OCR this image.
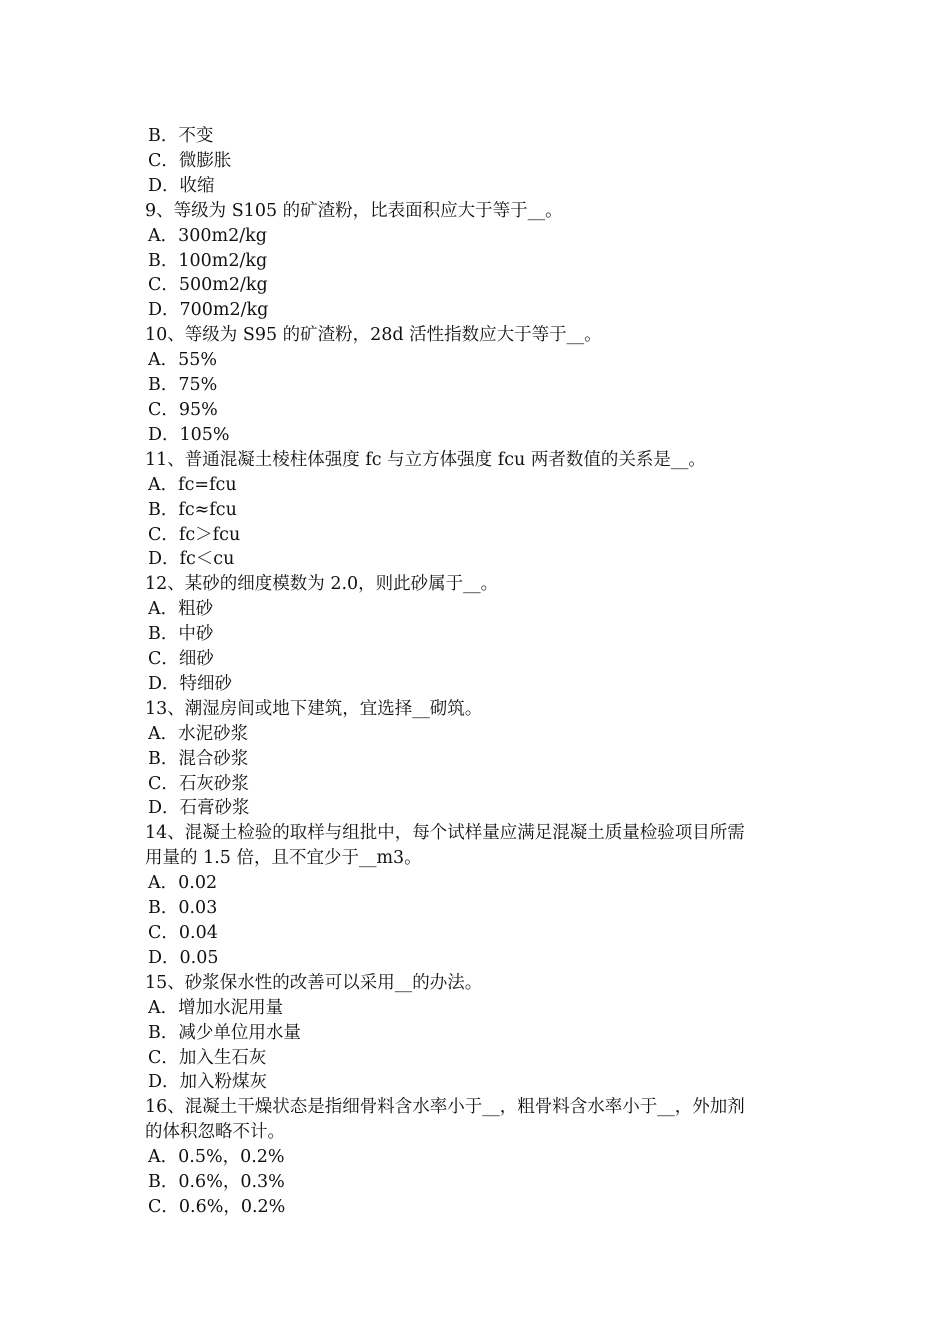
B．不变
C．微膨胀
D．收缩
9、等级为 S105 的矿渣粉，比表面积应大于等于__。
A．300m2/kg
B．100m2/kg
C．500m2/kg
D．700m2/kg
10、等级为 S95 的矿渣粉，28d 活性指数应大于等于__。
A．55%
B．75%
C．95%
D．105%
11、普通混凝土棱柱体强度 fc 与立方体强度 fcu 两者数值的关系是__。
A．fc=fcu
B．fc≈fcu
C．fc＞fcu
D．fc＜cu
12、某砂的细度模数为 2.0，则此砂属于__。
A．粗砂
B．中砂
C．细砂
D．特细砂
13、潮湿房间或地下建筑，宜选择__砌筑。
A．水泥砂浆
B．混合砂浆
C．石灰砂浆
D．石膏砂浆
14、混凝土检验的取样与组批中，每个试样量应满足混凝土质量检验项目所需
用量的 1.5 倍，且不宜少于__m3。
A．0.02
B．0.03
C．0.04
D．0.05
15、砂浆保水性的改善可以采用__的办法。
A．增加水泥用量
B．减少单位用水量
C．加入生石灰
D．加入粉煤灰
16、混凝土干燥状态是指细骨料含水率小于__，粗骨料含水率小于__，外加剂
的体积忽略不计。
A．0.5%，0.2%
B．0.6%，0.3%
C．0.6%，0.2%
